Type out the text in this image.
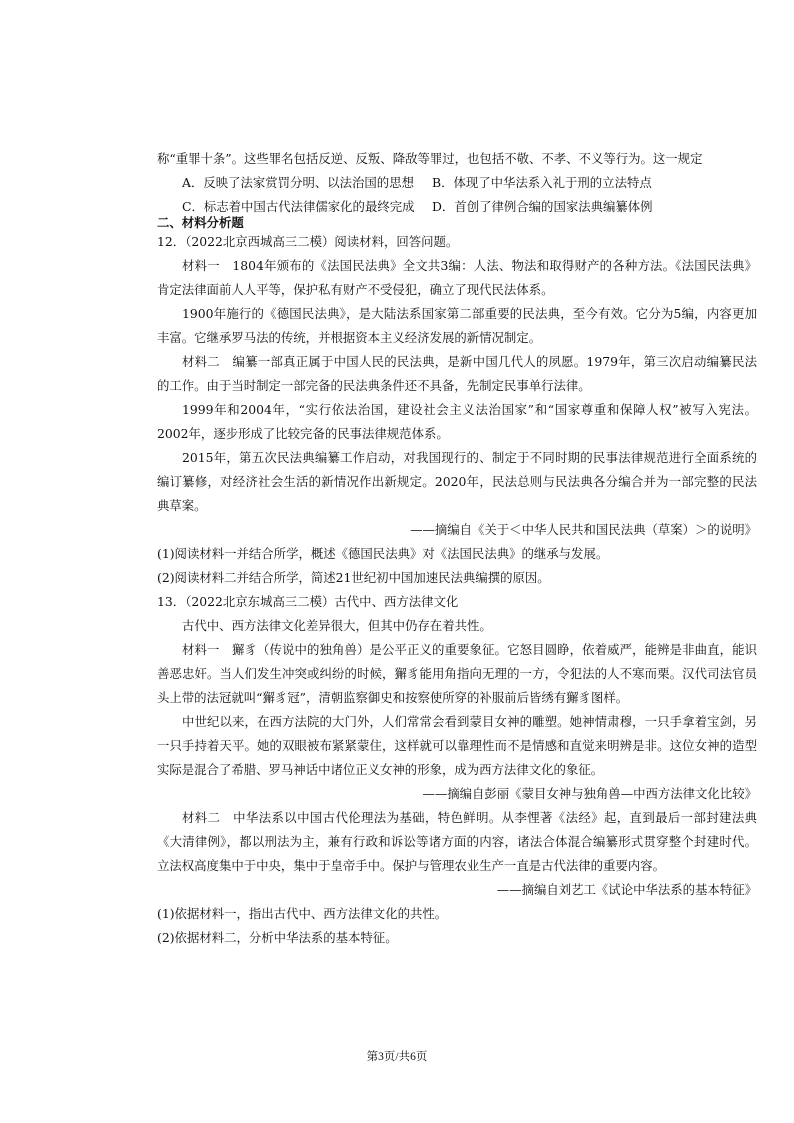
称“重罪十条”。这些罪名包括反逆、反叛、降敌等罪过，也包括不敬、不孝、不义等行为。这一规定
A．反映了法家赏罚分明、以法治国的思想 B．体现了中华法系入礼于刑的立法特点
C．标志着中国古代法律儒家化的最终完成 D．首创了律例合编的国家法典编纂体例
二、材料分析题
12．（2022北京西城高三二模）阅读材料，回答问题。
材料一　1804年颁布的《法国民法典》全文共3编：人法、物法和取得财产的各种方法。《法国民法典》肯定法律面前人人平等，保护私有财产不受侵犯，确立了现代民法体系。
1900年施行的《德国民法典》，是大陆法系国家第二部重要的民法典，至今有效。它分为5编，内容更加丰富。它继承罗马法的传统，并根据资本主义经济发展的新情况制定。
材料二　编纂一部真正属于中国人民的民法典，是新中国几代人的夙愿。1979年，第三次启动编纂民法的工作。由于当时制定一部完备的民法典条件还不具备，先制定民事单行法律。
1999年和2004年，“实行依法治国，建设社会主义法治国家”和“国家尊重和保障人权”被写入宪法。2002年，逐步形成了比较完备的民事法律规范体系。
2015年，第五次民法典编纂工作启动，对我国现行的、制定于不同时期的民事法律规范进行全面系统的编订纂修，对经济社会生活的新情况作出新规定。2020年，民法总则与民法典各分编合并为一部完整的民法典草案。
——摘编自《关于＜中华人民共和国民法典（草案）＞的说明》
(1)阅读材料一并结合所学，概述《德国民法典》对《法国民法典》的继承与发展。
(2)阅读材料二并结合所学，简述21世纪初中国加速民法典编撰的原因。
13．（2022北京东城高三二模）古代中、西方法律文化
古代中、西方法律文化差异很大，但其中仍存在着共性。
材料一　獬豸（传说中的独角兽）是公平正义的重要象征。它怒目圆睁，依着威严，能辨是非曲直，能识善恶忠奸。当人们发生冲突或纠纷的时候，獬豸能用角指向无理的一方，令犯法的人不寒而栗。汉代司法官员头上带的法冠就叫“獬豸冠”，清朝监察御史和按察使所穿的补服前后皆绣有獬豸图样。
中世纪以来，在西方法院的大门外，人们常常会看到蒙目女神的雕塑。她神情肃穆，一只手拿着宝剑，另一只手持着天平。她的双眼被布紧紧蒙住，这样就可以靠理性而不是情感和直觉来明辨是非。这位女神的造型实际是混合了希腊、罗马神话中诸位正义女神的形象，成为西方法律文化的象征。
——摘编自彭丽《蒙目女神与独角兽—中西方法律文化比较》
材料二　中华法系以中国古代伦理法为基础，特色鲜明。从李悝著《法经》起，直到最后一部封建法典《大清律例》，都以刑法为主，兼有行政和诉讼等诸方面的内容，诸法合体混合编纂形式贯穿整个封建时代。立法权高度集中于中央，集中于皇帝手中。保护与管理农业生产一直是古代法律的重要内容。
——摘编自刘艺工《试论中华法系的基本特征》
(1)依据材料一，指出古代中、西方法律文化的共性。
(2)依据材料二，分析中华法系的基本特征。
第3页/共6页
